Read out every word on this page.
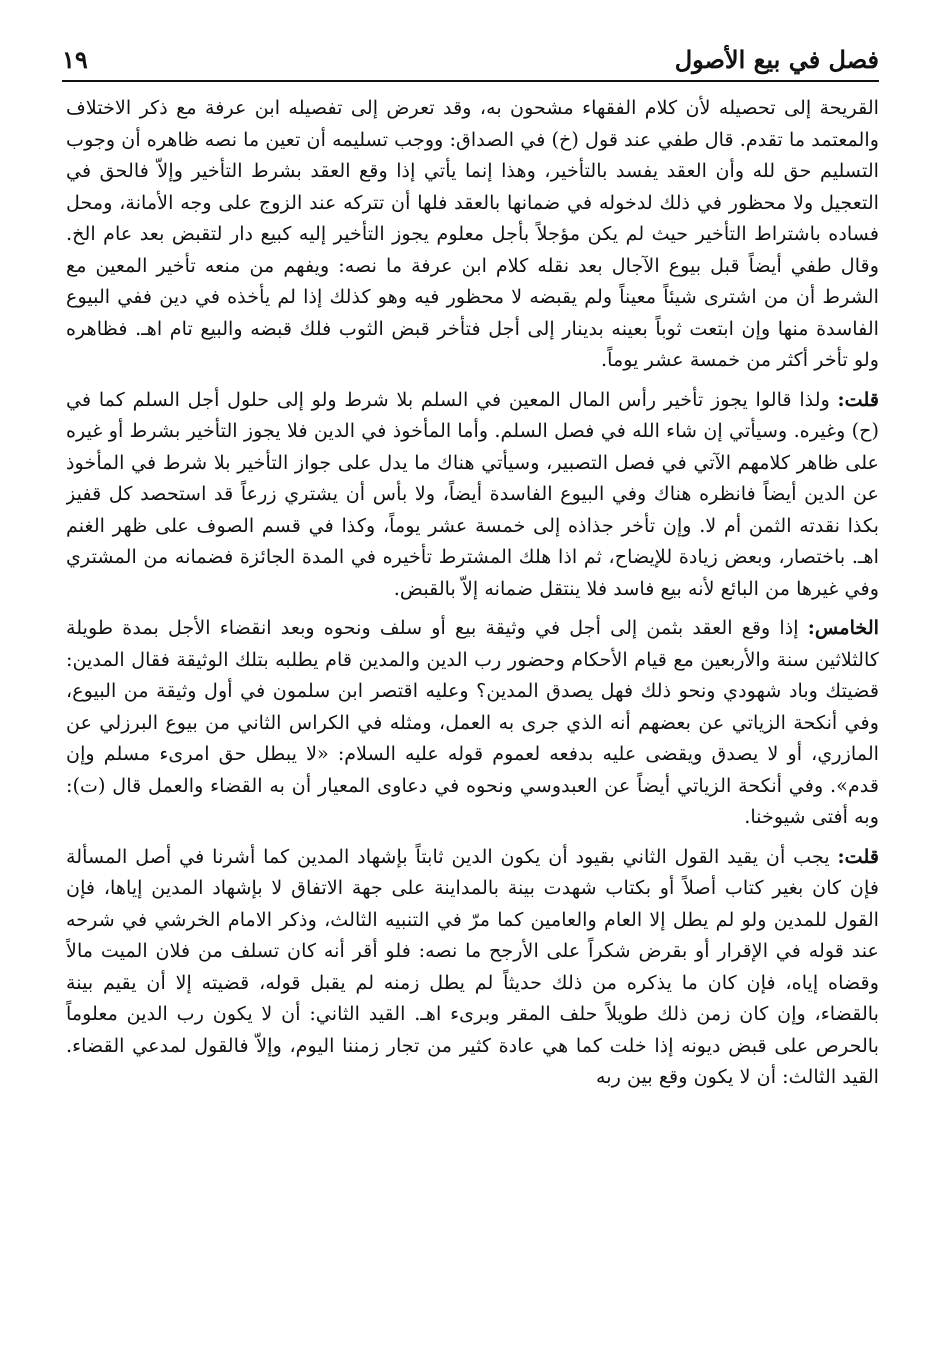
فصل في بيع الأصول
١٩

القريحة إلى تحصيله لأن كلام الفقهاء مشحون به، وقد تعرض إلى تفصيله ابن عرفة مع ذكر الاختلاف والمعتمد ما تقدم. قال طفي عند قول (خ) في الصداق: ووجب تسليمه أن تعين ما نصه ظاهره أن وجوب التسليم حق لله وأن العقد يفسد بالتأخير، وهذا إنما يأتي إذا وقع العقد بشرط التأخير وإلاّ فالحق في التعجيل ولا محظور في ذلك لدخوله في ضمانها بالعقد فلها أن تتركه عند الزوج على وجه الأمانة، ومحل فساده باشتراط التأخير حيث لم يكن مؤجلاً بأجل معلوم يجوز التأخير إليه كبيع دار لتقبض بعد عام الخ. وقال طفي أيضاً قبل بيوع الآجال بعد نقله كلام ابن عرفة ما نصه: ويفهم من منعه تأخير المعين مع الشرط أن من اشترى شيئاً معيناً ولم يقبضه لا محظور فيه وهو كذلك إذا لم يأخذه في دين ففي البيوع الفاسدة منها وإن ابتعت ثوباً بعينه بدينار إلى أجل فتأخر قبض الثوب فلك قبضه والبيع تام اهـ. فظاهره ولو تأخر أكثر من خمسة عشر يوماً.

قلت: ولذا قالوا يجوز تأخير رأس المال المعين في السلم بلا شرط ولو إلى حلول أجل السلم كما في (ح) وغيره. وسيأتي إن شاء الله في فصل السلم. وأما المأخوذ في الدين فلا يجوز التأخير بشرط أو غيره على ظاهر كلامهم الآتي في فصل التصبير، وسيأتي هناك ما يدل على جواز التأخير بلا شرط في المأخوذ عن الدين أيضاً فانظره هناك وفي البيوع الفاسدة أيضاً، ولا بأس أن يشتري زرعاً قد استحصد كل قفيز بكذا نقدته الثمن أم لا. وإن تأخر جذاذه إلى خمسة عشر يوماً، وكذا في قسم الصوف على ظهر الغنم اهـ. باختصار، وبعض زيادة للإيضاح، ثم اذا هلك المشترط تأخيره في المدة الجائزة فضمانه من المشتري وفي غيرها من البائع لأنه بيع فاسد فلا ينتقل ضمانه إلاّ بالقبض.

الخامس: إذا وقع العقد بثمن إلى أجل في وثيقة بيع أو سلف ونحوه وبعد انقضاء الأجل بمدة طويلة كالثلاثين سنة والأربعين مع قيام الأحكام وحضور رب الدين والمدين قام يطلبه بتلك الوثيقة فقال المدين: قضيتك وباد شهودي ونحو ذلك فهل يصدق المدين؟ وعليه اقتصر ابن سلمون في أول وثيقة من البيوع، وفي أنكحة الزياتي عن بعضهم أنه الذي جرى به العمل، ومثله في الكراس الثاني من بيوع البرزلي عن المازري، أو لا يصدق ويقضى عليه بدفعه لعموم قوله عليه السلام: «لا يبطل حق امرىء مسلم وإن قدم». وفي أنكحة الزياتي أيضاً عن العبدوسي ونحوه في دعاوى المعيار أن به القضاء والعمل قال (ت): وبه أفتى شيوخنا.

قلت: يجب أن يقيد القول الثاني بقيود أن يكون الدين ثابتاً بإشهاد المدين كما أشرنا في أصل المسألة فإن كان بغير كتاب أصلاً أو بكتاب شهدت بينة بالمداينة على جهة الاتفاق لا بإشهاد المدين إياها، فإن القول للمدين ولو لم يطل إلا العام والعامين كما مرّ في التنبيه الثالث، وذكر الامام الخرشي في شرحه عند قوله في الإقرار أو بقرض شكراً على الأرجح ما نصه: فلو أقر أنه كان تسلف من فلان الميت مالاً وقضاه إياه، فإن كان ما يذكره من ذلك حديثاً لم يطل زمنه لم يقبل قوله، قضيته إلا أن يقيم بينة بالقضاء، وإن كان زمن ذلك طويلاً حلف المقر وبرىء اهـ. القيد الثاني: أن لا يكون رب الدين معلوماً بالحرص على قبض ديونه إذا خلت كما هي عادة كثير من تجار زمننا اليوم، وإلاّ فالقول لمدعي القضاء. القيد الثالث: أن لا يكون وقع بين ربه
